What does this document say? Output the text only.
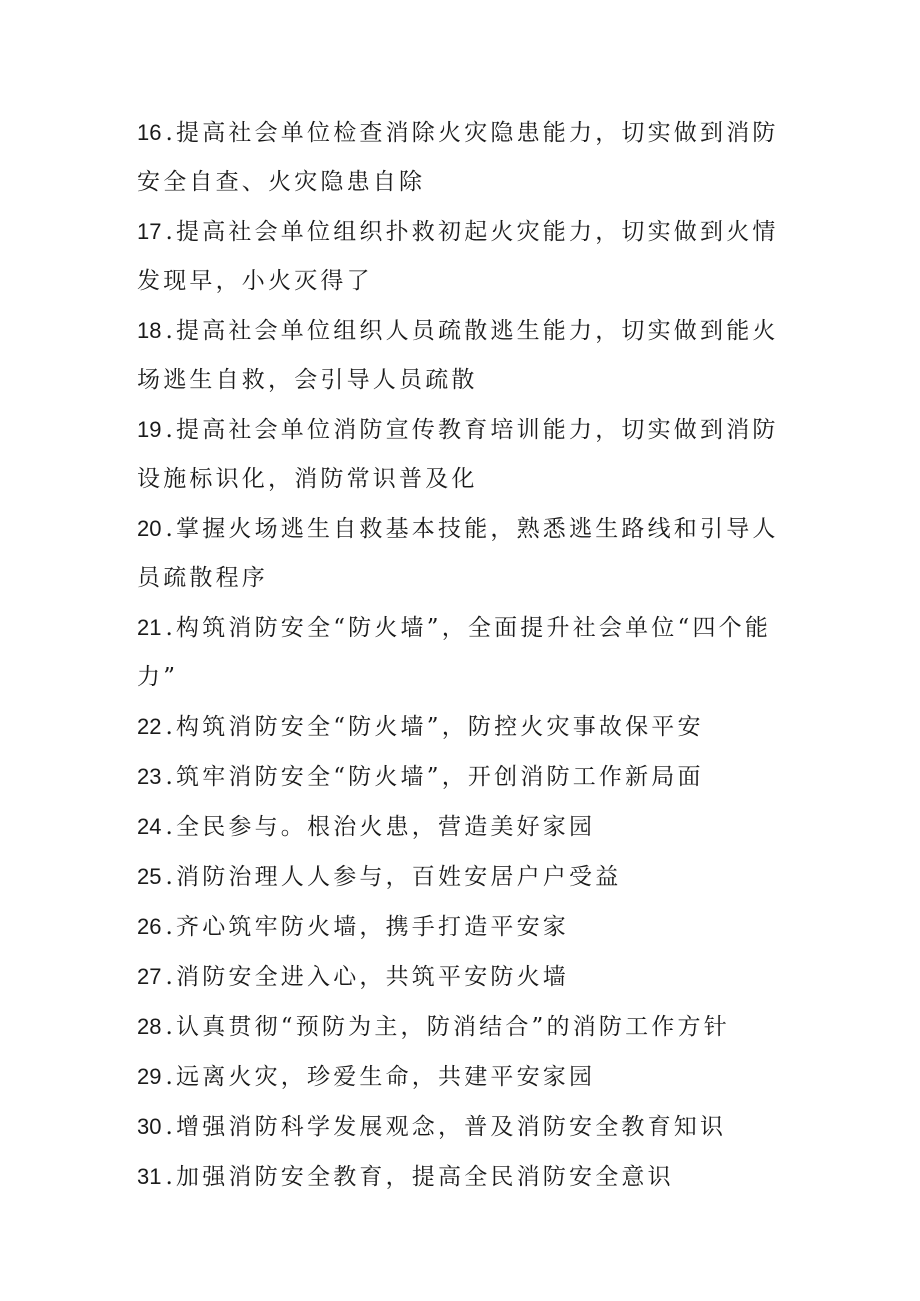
16 .提高社会单位检查消除火灾隐患能力，切实做到消防安全自查、火灾隐患自除
17 .提高社会单位组织扑救初起火灾能力，切实做到火情发现早，小火灭得了
18 .提高社会单位组织人员疏散逃生能力，切实做到能火场逃生自救，会引导人员疏散
19 .提高社会单位消防宣传教育培训能力，切实做到消防设施标识化，消防常识普及化
20 .掌握火场逃生自救基本技能，熟悉逃生路线和引导人员疏散程序
21 .构筑消防安全“防火墙”，全面提升社会单位“四个能力”
22 .构筑消防安全“防火墙”，防控火灾事故保平安
23 .筑牢消防安全“防火墙”，开创消防工作新局面
24 .全民参与。根治火患，营造美好家园
25 .消防治理人人参与，百姓安居户户受益
26 .齐心筑牢防火墙，携手打造平安家
27 .消防安全进入心，共筑平安防火墙
28 .认真贯彻“预防为主，防消结合”的消防工作方针
29 .远离火灾，珍爱生命，共建平安家园
30 .增强消防科学发展观念，普及消防安全教育知识
31 .加强消防安全教育，提高全民消防安全意识
